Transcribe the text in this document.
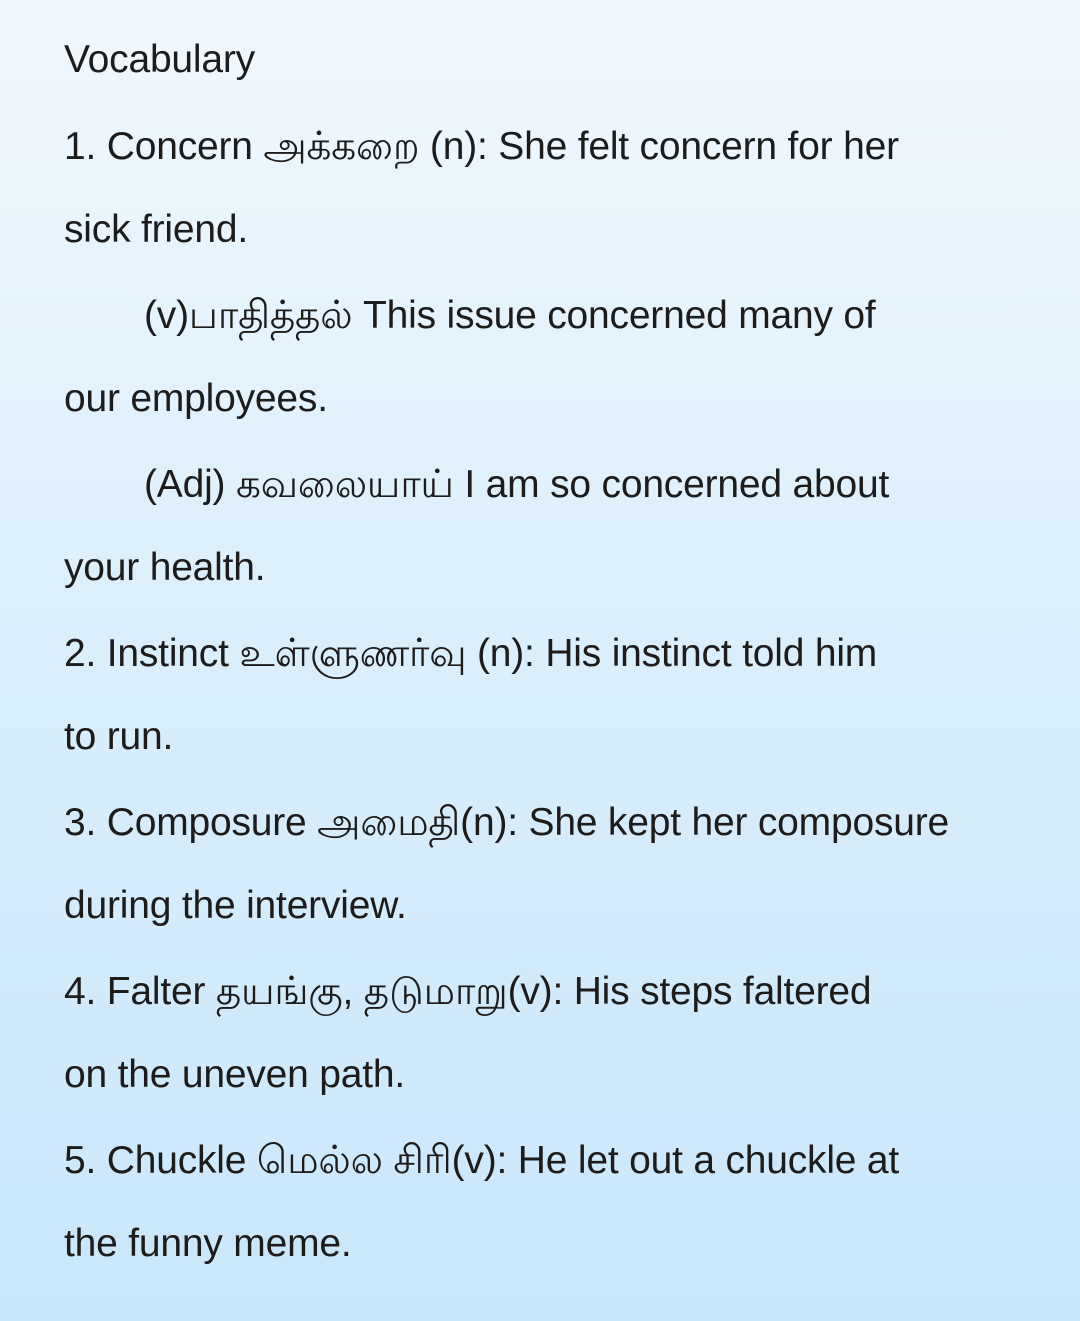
Vocabulary

1. Concern அக்கறை (n): She felt concern for her

sick friend.

(v)பாதித்தல் This issue concerned many of

our employees.

(Adj) கவலையாய் I am so concerned about

your health.

2. Instinct உள்ளுணர்வு (n): His instinct told him

to run.

3. Composure அமைதி(n): She kept her composure

during the interview.

4. Falter தயங்கு, தடுமாறு(v): His steps faltered

on the uneven path.

5. Chuckle மெல்ல சிரி(v): He let out a chuckle at

the funny meme.
